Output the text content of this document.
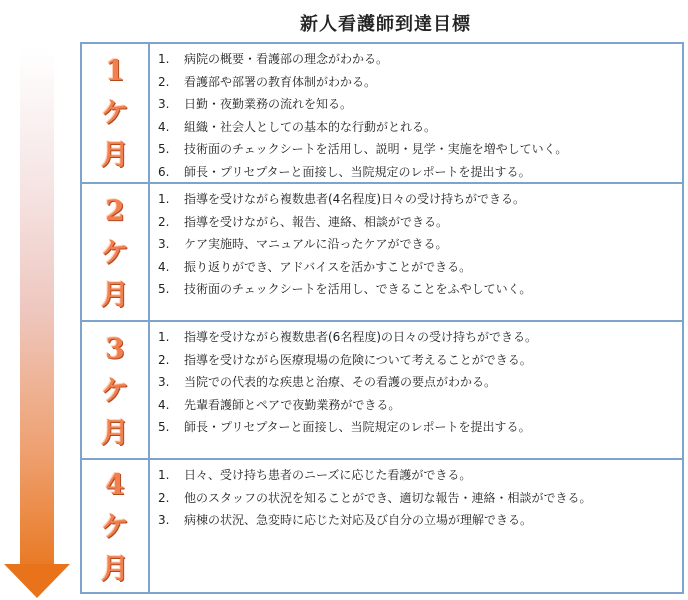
新人看護師到達目標
1
ケ
月
1. 病院の概要・看護部の理念がわかる。
2. 看護部や部署の教育体制がわかる。
3. 日勤・夜勤業務の流れを知る。
4. 組織・社会人としての基本的な行動がとれる。
5. 技術面のチェックシートを活用し、説明・見学・実施を増やしていく。
6. 師長・プリセプターと面接し、当院規定のレポートを提出する。
2
ケ
月
1. 指導を受けながら複数患者(4名程度)日々の受け持ちができる。
2. 指導を受けながら、報告、連絡、相談ができる。
3. ケア実施時、マニュアルに沿ったケアができる。
4. 振り返りができ、アドバイスを活かすことができる。
5. 技術面のチェックシートを活用し、できることをふやしていく。
3
ケ
月
1. 指導を受けながら複数患者(6名程度)の日々の受け持ちができる。
2. 指導を受けながら医療現場の危険について考えることができる。
3. 当院での代表的な疾患と治療、その看護の要点がわかる。
4. 先輩看護師とペアで夜勤業務ができる。
5. 師長・プリセプターと面接し、当院規定のレポートを提出する。
4
ケ
月
1. 日々、受け持ち患者のニーズに応じた看護ができる。
2. 他のスタッフの状況を知ることができ、適切な報告・連絡・相談ができる。
3. 病棟の状況、急変時に応じた対応及び自分の立場が理解できる。
